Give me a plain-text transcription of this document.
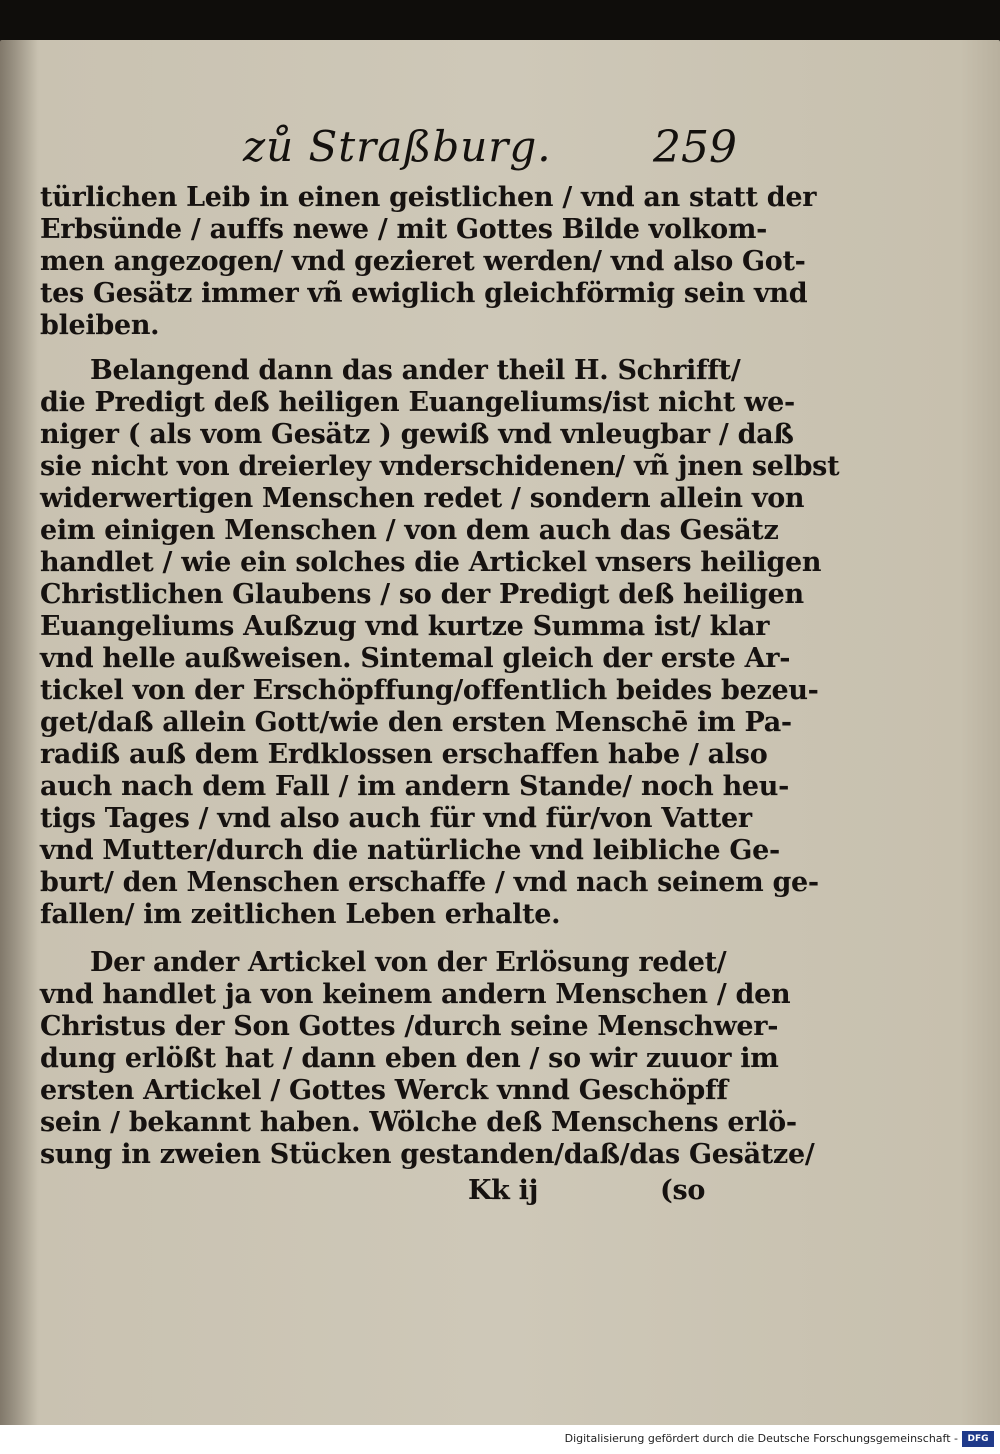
zů Straßburg. 259
türlichen Leib in einen geistlichen / vnd an statt der
Erbsünde / auffs newe / mit Gottes Bilde volkom-
men angezogen/ vnd gezieret werden/ vnd also Got-
tes Gesätz immer vñ ewiglich gleichförmig sein vnd
bleiben.
Belangend dann das ander theil H. Schrifft/
die Predigt deß heiligen Euangeliums/ist nicht we-
niger ( als vom Gesätz ) gewiß vnd vnleugbar / daß
sie nicht von dreierley vnderschidenen/ vñ jnen selbst
widerwertigen Menschen redet / sondern allein von
eim einigen Menschen / von dem auch das Gesätz
handlet / wie ein solches die Artickel vnsers heiligen
Christlichen Glaubens / so der Predigt deß heiligen
Euangeliums Außzug vnd kurtze Summa ist/ klar
vnd helle außweisen. Sintemal gleich der erste Ar-
tickel von der Erschöpffung/offentlich beides bezeu-
get/daß allein Gott/wie den ersten Menschē im Pa-
radiß auß dem Erdklossen erschaffen habe / also
auch nach dem Fall / im andern Stande/ noch heu-
tigs Tages / vnd also auch für vnd für/von Vatter
vnd Mutter/durch die natürliche vnd leibliche Ge-
burt/ den Menschen erschaffe / vnd nach seinem ge-
fallen/ im zeitlichen Leben erhalte.
Der ander Artickel von der Erlösung redet/
vnd handlet ja von keinem andern Menschen / den
Christus der Son Gottes /durch seine Menschwer-
dung erlößt hat / dann eben den / so wir zuuor im
ersten Artickel / Gottes Werck vnnd Geschöpff
sein / bekannt haben. Wölche deß Menschens erlö-
sung in zweien Stücken gestanden/daß/das Gesätze/
Kk ij	(so
Digitalisierung gefördert durch die Deutsche Forschungsgemeinschaft -	DFG
